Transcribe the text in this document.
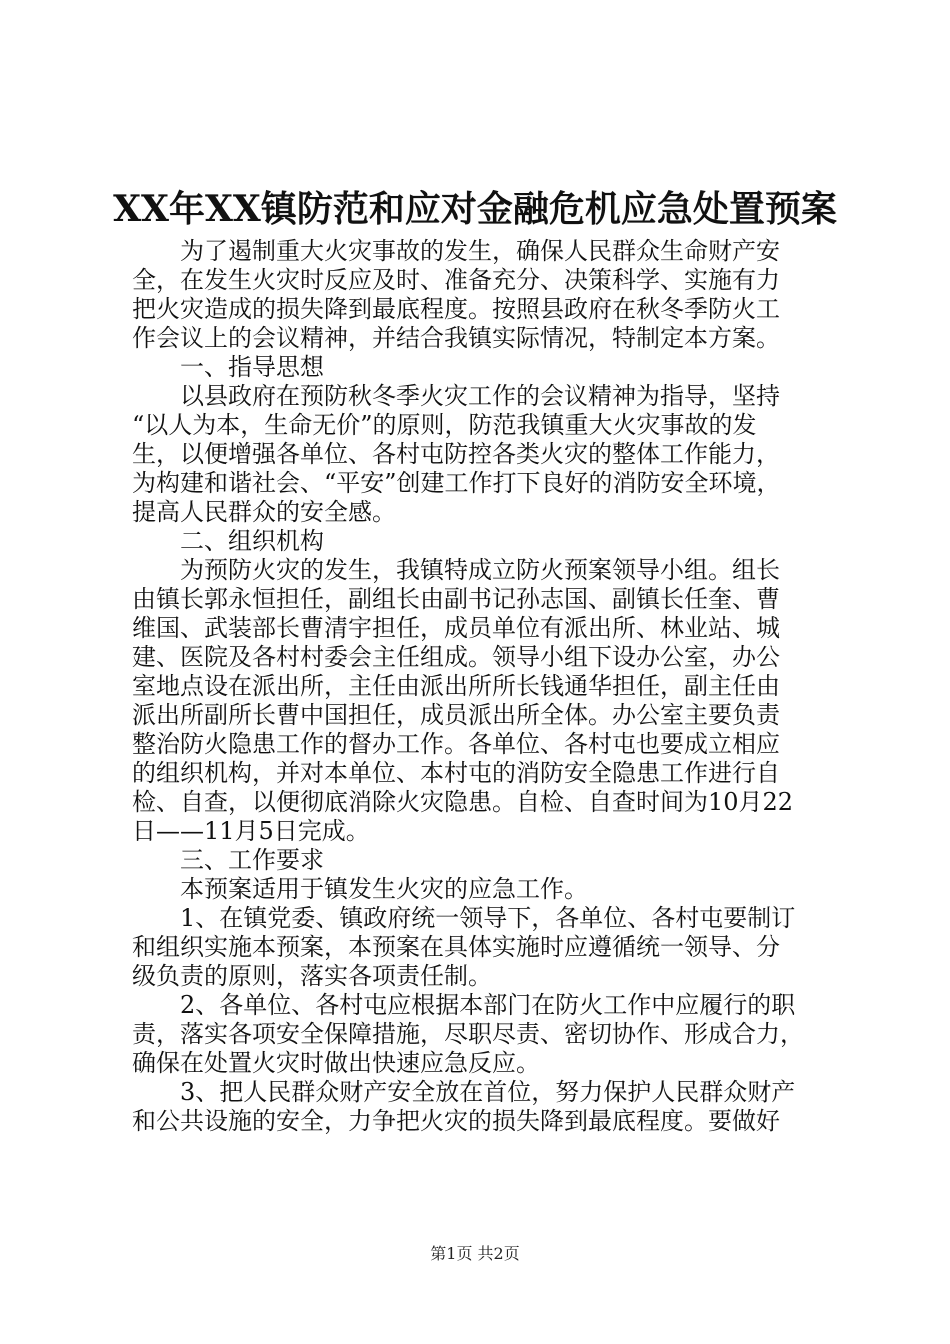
XX年XX镇防范和应对金融危机应急处置预案
为了遏制重大火灾事故的发生，确保人民群众生命财产安
全，在发生火灾时反应及时、准备充分、决策科学、实施有力
把火灾造成的损失降到最底程度。按照县政府在秋冬季防火工
作会议上的会议精神，并结合我镇实际情况，特制定本方案。
一、指导思想
以县政府在预防秋冬季火灾工作的会议精神为指导，坚持
“以人为本，生命无价”的原则，防范我镇重大火灾事故的发
生，以便增强各单位、各村屯防控各类火灾的整体工作能力，
为构建和谐社会、“平安”创建工作打下良好的消防安全环境，
提高人民群众的安全感。
二、组织机构
为预防火灾的发生，我镇特成立防火预案领导小组。组长
由镇长郭永恒担任，副组长由副书记孙志国、副镇长任奎、曹
维国、武装部长曹清宇担任，成员单位有派出所、林业站、城
建、医院及各村村委会主任组成。领导小组下设办公室，办公
室地点设在派出所，主任由派出所所长钱通华担任，副主任由
派出所副所长曹中国担任，成员派出所全体。办公室主要负责
整治防火隐患工作的督办工作。各单位、各村屯也要成立相应
的组织机构，并对本单位、本村屯的消防安全隐患工作进行自
检、自查，以便彻底消除火灾隐患。自检、自查时间为10月22
日——11月5日完成。
三、工作要求
本预案适用于镇发生火灾的应急工作。
1、在镇党委、镇政府统一领导下，各单位、各村屯要制订
和组织实施本预案，本预案在具体实施时应遵循统一领导、分
级负责的原则，落实各项责任制。
2、各单位、各村屯应根据本部门在防火工作中应履行的职
责，落实各项安全保障措施，尽职尽责、密切协作、形成合力，
确保在处置火灾时做出快速应急反应。
3、把人民群众财产安全放在首位，努力保护人民群众财产
和公共设施的安全，力争把火灾的损失降到最底程度。要做好
第1页 共2页
